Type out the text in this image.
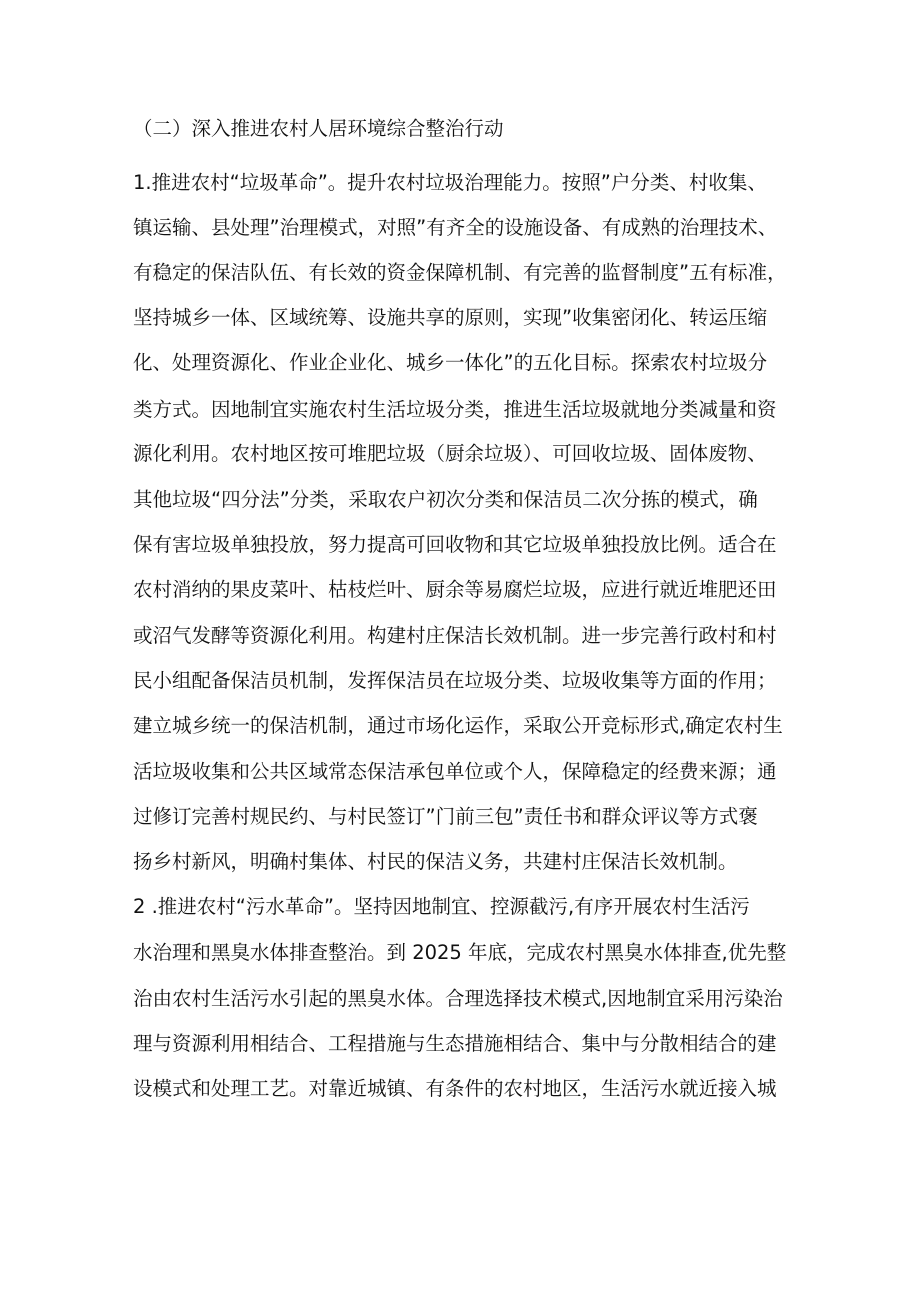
（二）深入推进农村人居环境综合整治行动
1.推进农村“垃圾革命”。提升农村垃圾治理能力。按照”户分类、村收集、
镇运输、县处理”治理模式，对照”有齐全的设施设备、有成熟的治理技术、
有稳定的保洁队伍、有长效的资金保障机制、有完善的监督制度”五有标准，
坚持城乡一体、区域统筹、设施共享的原则，实现”收集密闭化、转运压缩
化、处理资源化、作业企业化、城乡一体化”的五化目标。探索农村垃圾分
类方式。因地制宜实施农村生活垃圾分类，推进生活垃圾就地分类减量和资
源化利用。农村地区按可堆肥垃圾（厨余垃圾）、可回收垃圾、固体废物、
其他垃圾“四分法”分类，采取农户初次分类和保洁员二次分拣的模式，确
保有害垃圾单独投放，努力提高可回收物和其它垃圾单独投放比例。适合在
农村消纳的果皮菜叶、枯枝烂叶、厨余等易腐烂垃圾，应进行就近堆肥还田
或沼气发酵等资源化利用。构建村庄保洁长效机制。进一步完善行政村和村
民小组配备保洁员机制，发挥保洁员在垃圾分类、垃圾收集等方面的作用；
建立城乡统一的保洁机制，通过市场化运作，采取公开竞标形式,确定农村生
活垃圾收集和公共区域常态保洁承包单位或个人，保障稳定的经费来源；通
过修订完善村规民约、与村民签订”门前三包”责任书和群众评议等方式褒
扬乡村新风，明确村集体、村民的保洁义务，共建村庄保洁长效机制。
2 .推进农村“污水革命”。坚持因地制宜、控源截污,有序开展农村生活污
水治理和黑臭水体排查整治。到 2025 年底，完成农村黑臭水体排查,优先整
治由农村生活污水引起的黑臭水体。合理选择技术模式,因地制宜采用污染治
理与资源利用相结合、工程措施与生态措施相结合、集中与分散相结合的建
设模式和处理工艺。对靠近城镇、有条件的农村地区，生活污水就近接入城
